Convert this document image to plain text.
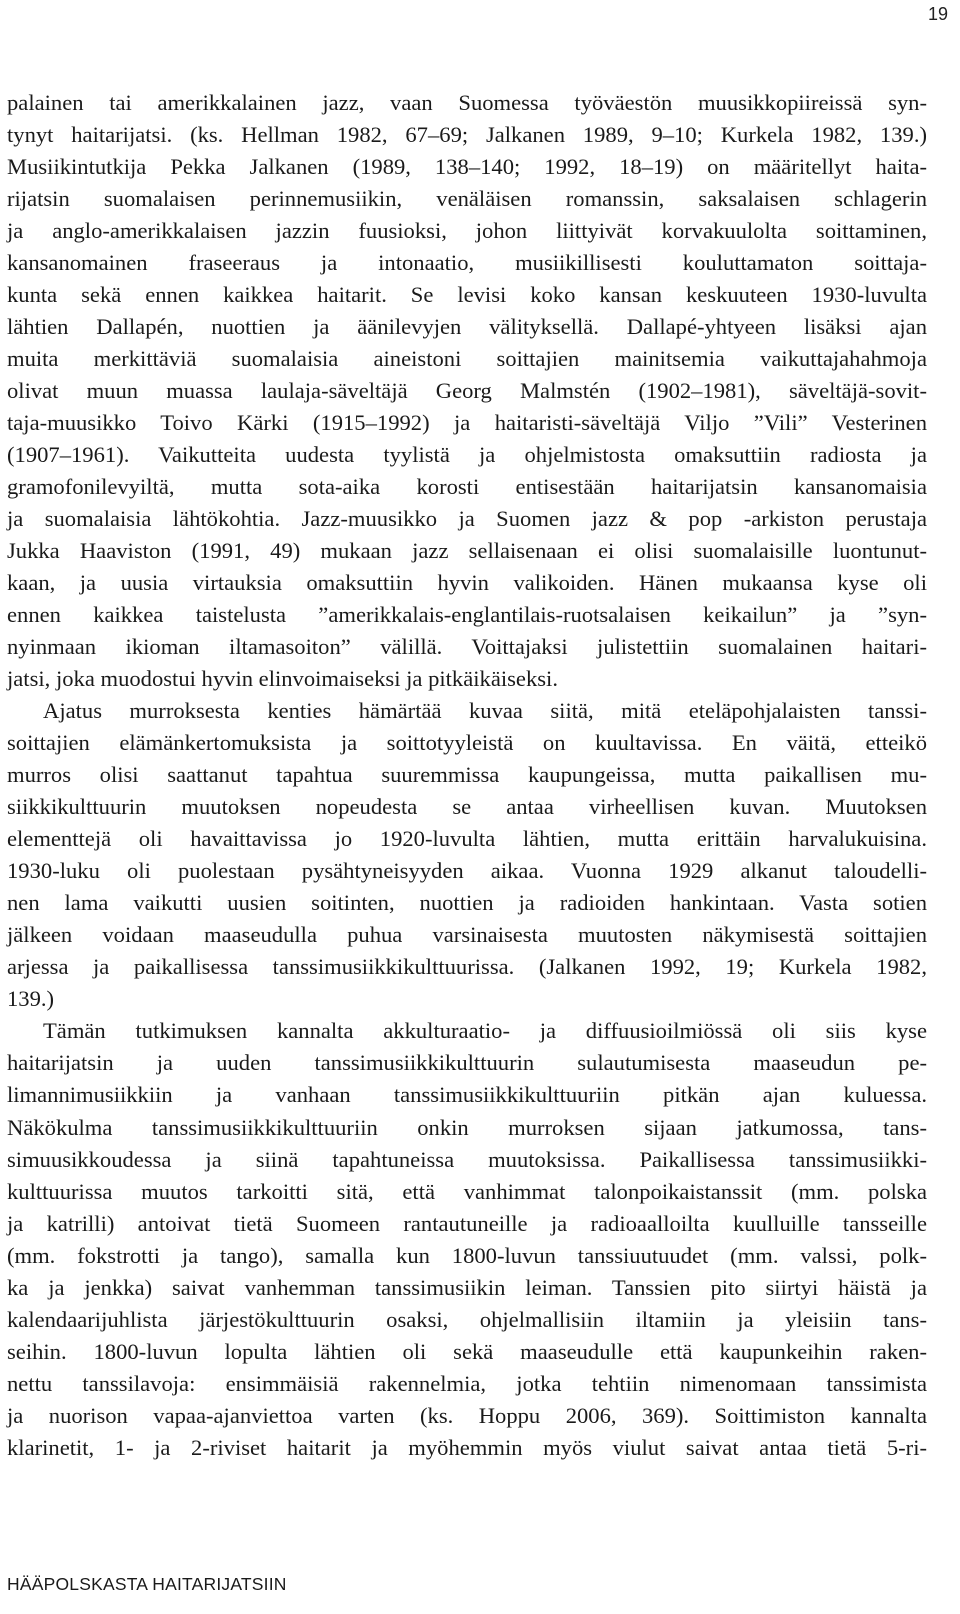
19

palainen tai amerikkalainen jazz, vaan Suomessa työväestön muusikkopiireissä syn-

tynyt haitarijatsi. (ks. Hellman 1982, 67–69; Jalkanen 1989, 9–10; Kurkela 1982, 139.)

Musiikintutkija Pekka Jalkanen (1989, 138–140; 1992, 18–19) on määritellyt haita-

rijatsin suomalaisen perinnemusiikin, venäläisen romanssin, saksalaisen schlagerin

ja anglo-amerikkalaisen jazzin fuusioksi, johon liittyivät korvakuulolta soittaminen,

kansanomainen fraseeraus ja intonaatio, musiikillisesti kouluttamaton soittaja-

kunta sekä ennen kaikkea haitarit. Se levisi koko kansan keskuuteen 1930-luvulta

lähtien Dallapén, nuottien ja äänilevyjen välityksellä. Dallapé-yhtyeen lisäksi ajan

muita merkittäviä suomalaisia aineistoni soittajien mainitsemia vaikuttajahahmoja

olivat muun muassa laulaja-säveltäjä Georg Malmstén (1902–1981), säveltäjä-sovit-

taja-muusikko Toivo Kärki (1915–1992) ja haitaristi-säveltäjä Viljo ”Vili” Vesterinen

(1907–1961). Vaikutteita uudesta tyylistä ja ohjelmistosta omaksuttiin radiosta ja

gramofonilevyiltä, mutta sota-aika korosti entisestään haitarijatsin kansanomaisia

ja suomalaisia lähtökohtia. Jazz-muusikko ja Suomen jazz & pop -arkiston perustaja

Jukka Haaviston (1991, 49) mukaan jazz sellaisenaan ei olisi suomalaisille luontunut-

kaan, ja uusia virtauksia omaksuttiin hyvin valikoiden. Hänen mukaansa kyse oli

ennen kaikkea taistelusta ”amerikkalais-englantilais-ruotsalaisen keikailun” ja ”syn-

nyinmaan ikioman iltamasoiton” välillä. Voittajaksi julistettiin suomalainen haitari-

jatsi, joka muodostui hyvin elinvoimaiseksi ja pitkäikäiseksi.

Ajatus murroksesta kenties hämärtää kuvaa siitä, mitä eteläpohjalaisten tanssi-

soittajien elämänkertomuksista ja soittotyyleistä on kuultavissa. En väitä, etteikö

murros olisi saattanut tapahtua suuremmissa kaupungeissa, mutta paikallisen mu-

siikkikulttuurin muutoksen nopeudesta se antaa virheellisen kuvan. Muutoksen

elementtejä oli havaittavissa jo 1920-luvulta lähtien, mutta erittäin harvalukuisina.

1930-luku oli puolestaan pysähtyneisyyden aikaa. Vuonna 1929 alkanut taloudelli-

nen lama vaikutti uusien soitinten, nuottien ja radioiden hankintaan. Vasta sotien

jälkeen voidaan maaseudulla puhua varsinaisesta muutosten näkymisestä soittajien

arjessa ja paikallisessa tanssimusiikkikulttuurissa. (Jalkanen 1992, 19; Kurkela 1982,

139.)

Tämän tutkimuksen kannalta akkulturaatio- ja diffuusioilmiössä oli siis kyse

haitarijatsin ja uuden tanssimusiikkikulttuurin sulautumisesta maaseudun pe-

limannimusiikkiin ja vanhaan tanssimusiikkikulttuuriin pitkän ajan kuluessa.

Näkökulma tanssimusiikkikulttuuriin onkin murroksen sijaan jatkumossa, tans-

simuusikkoudessa ja siinä tapahtuneissa muutoksissa. Paikallisessa tanssimusiikki-

kulttuurissa muutos tarkoitti sitä, että vanhimmat talonpoikaistanssit (mm. polska

ja katrilli) antoivat tietä Suomeen rantautuneille ja radioaalloilta kuulluille tansseille

(mm. fokstrotti ja tango), samalla kun 1800-luvun tanssiuutuudet (mm. valssi, polk-

ka ja jenkka) saivat vanhemman tanssimusiikin leiman. Tanssien pito siirtyi häistä ja

kalendaarijuhlista järjestökulttuurin osaksi, ohjelmallisiin iltamiin ja yleisiin tans-

seihin. 1800-luvun lopulta lähtien oli sekä maaseudulle että kaupunkeihin raken-

nettu tanssilavoja: ensimmäisiä rakennelmia, jotka tehtiin nimenomaan tanssimista

ja nuorison vapaa-ajanviettoa varten (ks. Hoppu 2006, 369). Soittimiston kannalta

klarinetit, 1- ja 2-riviset haitarit ja myöhemmin myös viulut saivat antaa tietä 5-ri-

HÄÄPOLSKASTA HAITARIJATSIIN
